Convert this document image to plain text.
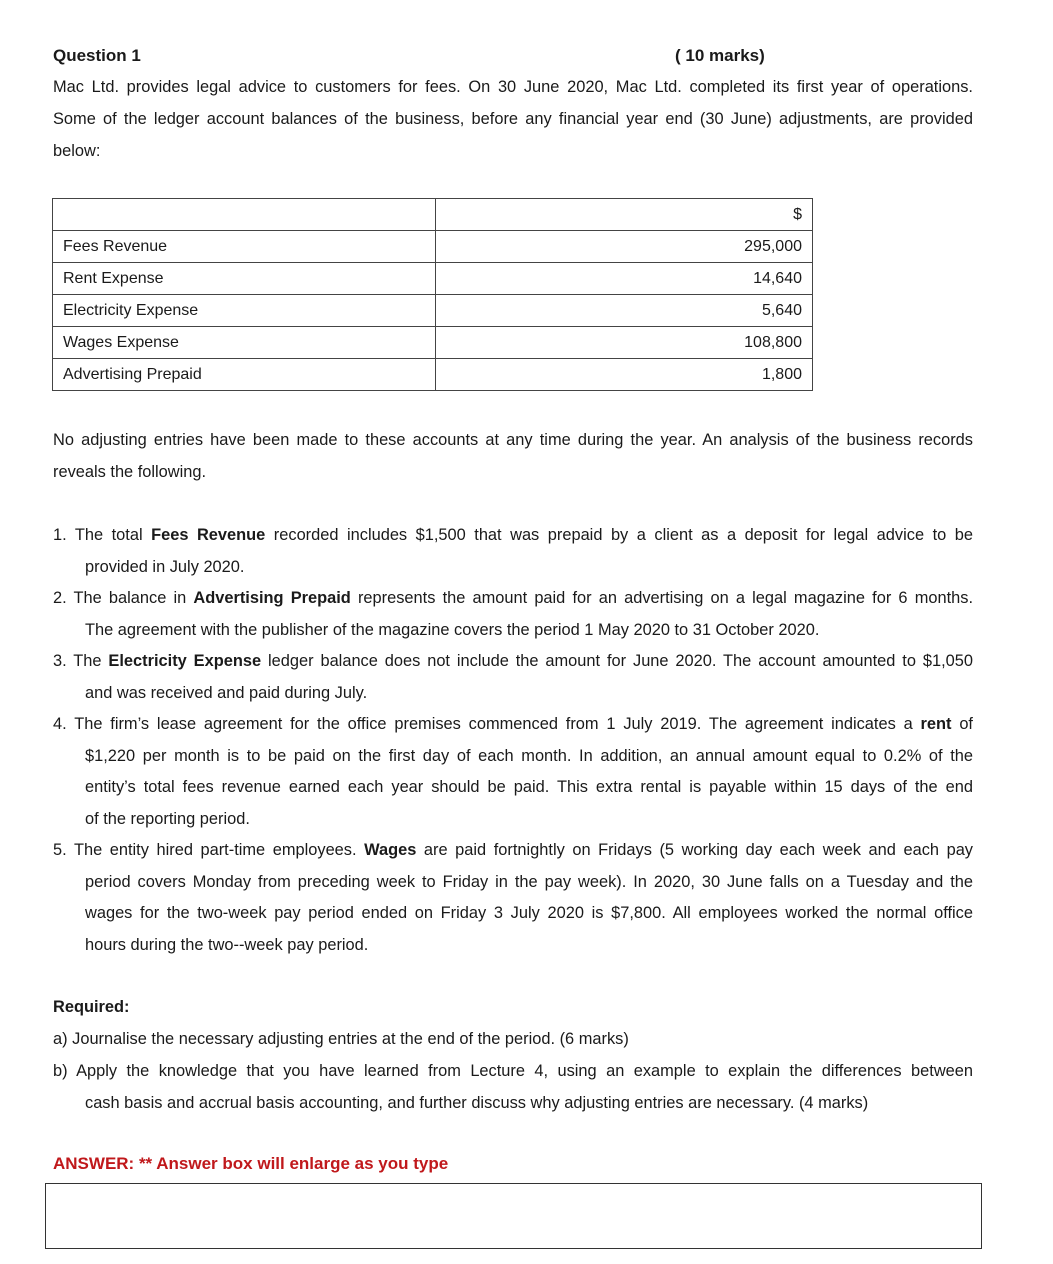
Question 1	( 10 marks)
Mac Ltd. provides legal advice to customers for fees. On 30 June 2020, Mac Ltd. completed its first year of operations.
Some of the ledger account balances of the business, before any financial year end (30 June) adjustments, are provided
below:
	$
Fees Revenue	295,000
Rent Expense	14,640
Electricity Expense	5,640
Wages Expense	108,800
Advertising Prepaid	1,800
No adjusting entries have been made to these accounts at any time during the year. An analysis of the business records
reveals the following.
1. The total Fees Revenue recorded includes $1,500 that was prepaid by a client as a deposit for legal advice to be
provided in July 2020.
2. The balance in Advertising Prepaid represents the amount paid for an advertising on a legal magazine for 6 months.
The agreement with the publisher of the magazine covers the period 1 May 2020 to 31 October 2020.
3. The Electricity Expense ledger balance does not include the amount for June 2020. The account amounted to $1,050
and was received and paid during July.
4. The firm’s lease agreement for the office premises commenced from 1 July 2019. The agreement indicates a rent of
$1,220 per month is to be paid on the first day of each month. In addition, an annual amount equal to 0.2% of the
entity’s total fees revenue earned each year should be paid. This extra rental is payable within 15 days of the end
of the reporting period.
5. The entity hired part-time employees. Wages are paid fortnightly on Fridays (5 working day each week and each pay
period covers Monday from preceding week to Friday in the pay week). In 2020, 30 June falls on a Tuesday and the
wages for the two-week pay period ended on Friday 3 July 2020 is $7,800. All employees worked the normal office
hours during the two--week pay period.
Required:
a) Journalise the necessary adjusting entries at the end of the period. (6 marks)
b) Apply the knowledge that you have learned from Lecture 4, using an example to explain the differences between
cash basis and accrual basis accounting, and further discuss why adjusting entries are necessary. (4 marks)
ANSWER: ** Answer box will enlarge as you type
